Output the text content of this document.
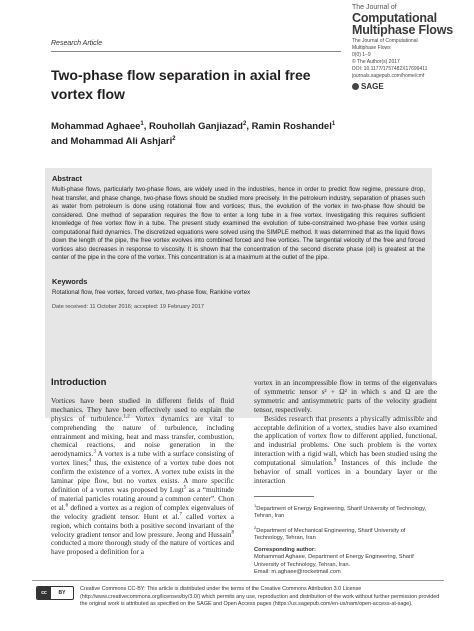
The Journal of
Computational
Multiphase Flows
The Journal of Computational
Multiphase Flows
0(0) 1–9
© The Author(s) 2017
DOI: 10.1177/1757482X17699411
journals.sagepub.com/home/cmf
SAGE
Research Article
Two-phase flow separation in axial free vortex flow
Mohammad Aghaee$^1$, Rouhollah Ganjiazad$^2$, Ramin Roshandel$^1$
and Mohammad Ali Ashjari$^2$
Abstract

Multi-phase flows, particularly two-phase flows, are widely used in the industries, hence in order to predict flow regime, pressure drop, heat transfer, and phase change, two-phase flows should be studied more precisely. In the petroleum industry, separation of phases such as water from petroleum is done using rotational flow and vortices; thus, the evolution of the vortex in two-phase flow should be considered. One method of separation requires the flow to enter a long tube in a free vortex. Investigating this requires sufficient knowledge of free vortex flow in a tube. The present study examined the evolution of tube-constrained two-phase free vortex using computational fluid dynamics. The discretized equations were solved using the SIMPLE method. It was determined that as the liquid flows down the length of the pipe, the free vortex evolves into combined forced and free vortices. The tangential velocity of the free and forced vortices also decreases in response to viscosity. It is shown that the concentration of the second discrete phase (oil) is greatest at the center of the pipe in the core of the vortex. This concentration is at a maximum at the outlet of the pipe.

Keywords

Rotational flow, free vortex, forced vortex, two-phase flow, Rankine vortex

Date received: 11 October 2016; accepted: 19 February 2017

Introduction

Vortices have been studied in different fields of fluid mechanics. They have been effectively used to explain the physics of turbulence.$^{1,2}$ Vortex dynamics are vital to comprehending the nature of turbulence, including entrainment and mixing, heat and mass transfer, combustion, chemical reactions, and noise generation in the aerodynamics.$^3$ A vortex is a tube with a surface consisting of vortex lines;$^4$ thus, the existence of a vortex tube does not confirm the existence of a vortex. A vortex tube exists in the laminar pipe flow, but no vortex exists. A more specific definition of a vortex was proposed by Lugt$^5$ as a “multitude of material particles rotating around a common center”. Chon et al.$^6$ defined a vortex as a region of complex eigenvalues of the velocity gradient tensor. Hunt et al.$^7$ called vortex a region, which contains both a positive second invariant of the velocity gradient tensor and low pressure. Jeong and Hussain$^8$ conducted a more thorough study of the nature of vortices and have proposed a definition for a

vortex in an incompressible flow in terms of the eigenvalues of symmetric tensor s² + Ω² in which s and Ω are the symmetric and antisymmetric parts of the velocity gradient tensor, respectively.

Besides research that presents a physically admissible and acceptable definition of a vortex, studies have also examined the application of vortex flow to different applied, functional, and industrial problems. One such problem is the vortex interaction with a rigid wall, which has been studied using the computational simulation.$^9$ Instances of this include the behavior of small vortices in a boundary layer or the interaction

$^1$Department of Energy Engineering, Sharif University of Technology, Tehran, Iran
$^2$Department of Mechanical Engineering, Sharif University of Technology, Tehran, Iran
Corresponding author:
Mohammad Aghaee, Department of Energy Engineering, Sharif University of Technology, Tehran, Iran.
Email: m.aghaee@rocketmail.com
cc	BY

Creative Commons CC-BY: This article is distributed under the terms of the Creative Commons Attribution 3.0 License (http://www.creativecommons.org/licenses/by/3.0/) which permits any use, reproduction and distribution of the work without further permission provided the original work is attributed as specified on the SAGE and Open Access pages (https://us.sagepub.com/en-us/nam/open-access-at-sage).
